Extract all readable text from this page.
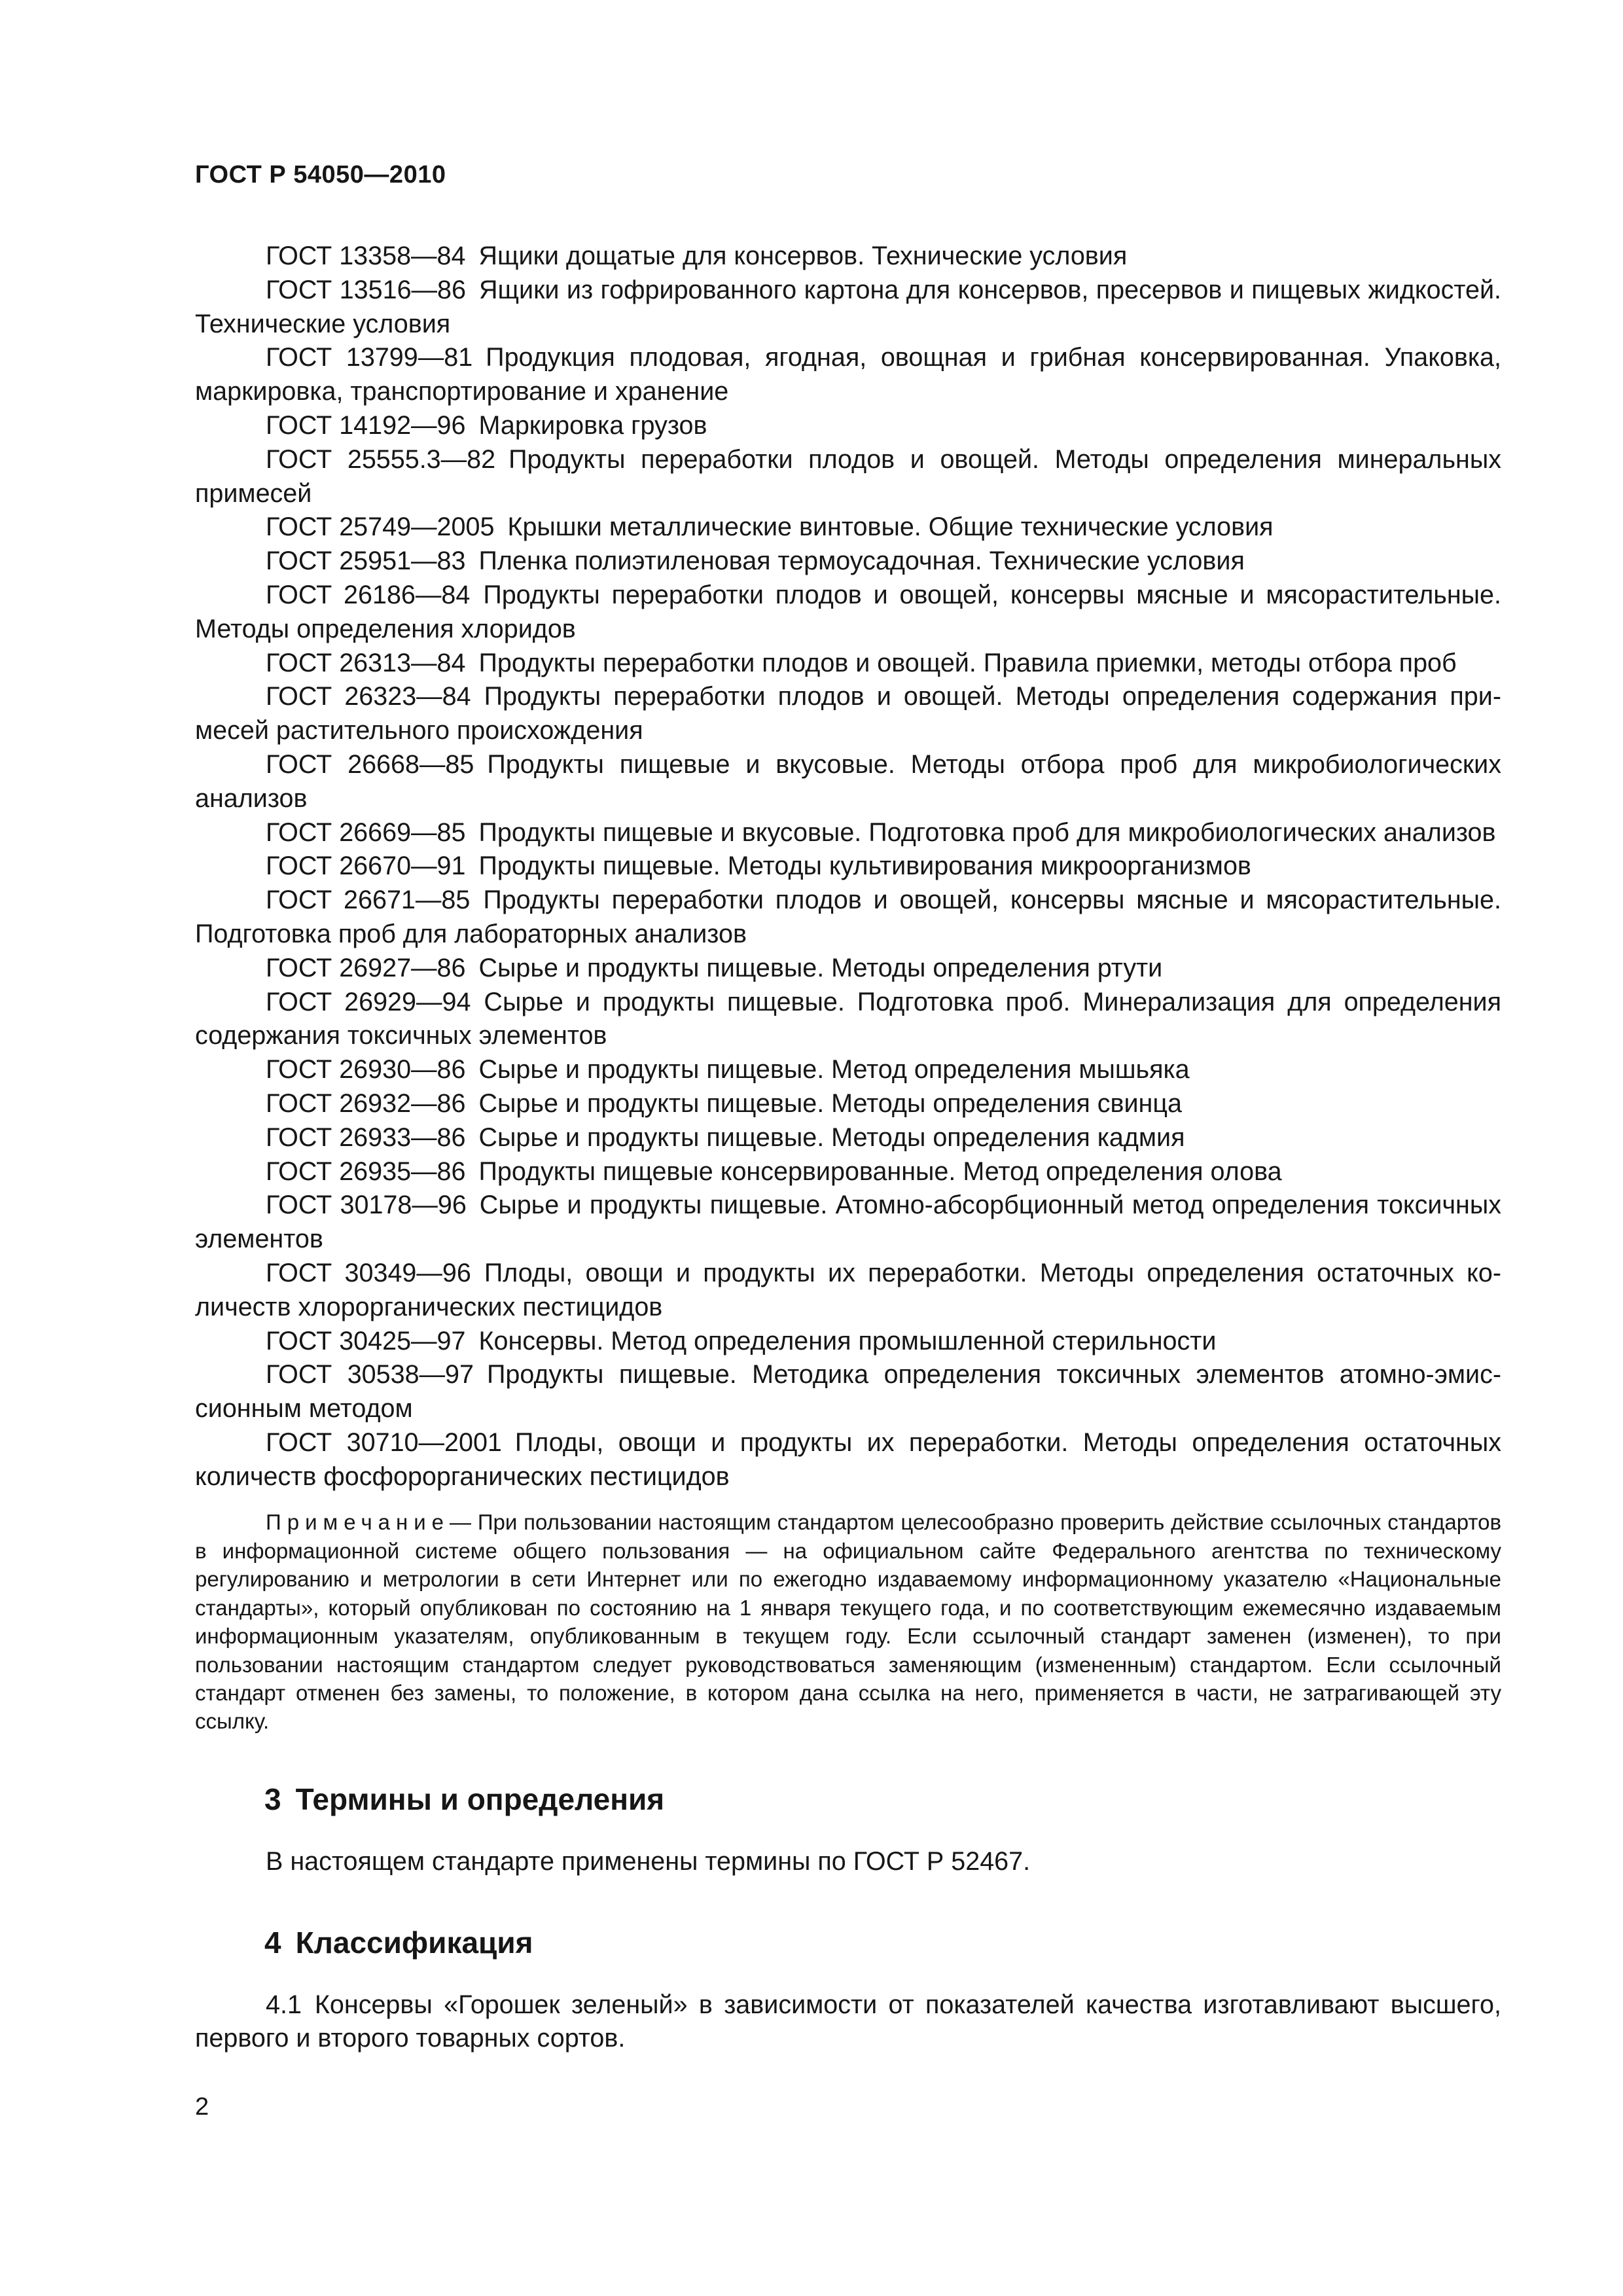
ГОСТ Р 54050—2010

ГОСТ 13358—84 Ящики дощатые для консервов. Технические условия

ГОСТ 13516—86 Ящики из гофрированного картона для консервов, пресервов и пищевых жидкостей. Технические условия

ГОСТ 13799—81 Продукция плодовая, ягодная, овощная и грибная консервированная. Упаковка, маркировка, транспортирование и хранение

ГОСТ 14192—96 Маркировка грузов

ГОСТ 25555.3—82 Продукты переработки плодов и овощей. Методы определения минеральных примесей

ГОСТ 25749—2005 Крышки металлические винтовые. Общие технические условия

ГОСТ 25951—83 Пленка полиэтиленовая термоусадочная. Технические условия

ГОСТ 26186—84 Продукты переработки плодов и овощей, консервы мясные и мясорастительные. Методы определения хлоридов

ГОСТ 26313—84 Продукты переработки плодов и овощей. Правила приемки, методы отбора проб

ГОСТ 26323—84 Продукты переработки плодов и овощей. Методы определения содержания примесей растительного происхождения

ГОСТ 26668—85 Продукты пищевые и вкусовые. Методы отбора проб для микробиологических анализов

ГОСТ 26669—85 Продукты пищевые и вкусовые. Подготовка проб для микробиологических анализов

ГОСТ 26670—91 Продукты пищевые. Методы культивирования микроорганизмов

ГОСТ 26671—85 Продукты переработки плодов и овощей, консервы мясные и мясорастительные. Подготовка проб для лабораторных анализов

ГОСТ 26927—86 Сырье и продукты пищевые. Методы определения ртути

ГОСТ 26929—94 Сырье и продукты пищевые. Подготовка проб. Минерализация для определения содержания токсичных элементов

ГОСТ 26930—86 Сырье и продукты пищевые. Метод определения мышьяка

ГОСТ 26932—86 Сырье и продукты пищевые. Методы определения свинца

ГОСТ 26933—86 Сырье и продукты пищевые. Методы определения кадмия

ГОСТ 26935—86 Продукты пищевые консервированные. Метод определения олова

ГОСТ 30178—96 Сырье и продукты пищевые. Атомно-абсорбционный метод определения токсичных элементов

ГОСТ 30349—96 Плоды, овощи и продукты их переработки. Методы определения остаточных количеств хлорорганических пестицидов

ГОСТ 30425—97 Консервы. Метод определения промышленной стерильности

ГОСТ 30538—97 Продукты пищевые. Методика определения токсичных элементов атомно-эмиссионным методом

ГОСТ 30710—2001 Плоды, овощи и продукты их переработки. Методы определения остаточных количеств фосфорорганических пестицидов

Примечание— При пользовании настоящим стандартом целесообразно проверить действие ссылочных стандартов в информационной системе общего пользования — на официальном сайте Федерального агентства по техническому регулированию и метрологии в сети Интернет или по ежегодно издаваемому информационному указателю «Национальные стандарты», который опубликован по состоянию на 1 января текущего года, и по соответствующим ежемесячно издаваемым информационным указателям, опубликованным в текущем году. Если ссылочный стандарт заменен (изменен), то при пользовании настоящим стандартом следует руководствоваться заменяющим (измененным) стандартом. Если ссылочный стандарт отменен без замены, то положение, в котором дана ссылка на него, применяется в части, не затрагивающей эту ссылку.

3 Термины и определения

В настоящем стандарте применены термины по ГОСТ Р 52467.

4 Классификация

4.1 Консервы «Горошек зеленый» в зависимости от показателей качества изготавливают высшего, первого и второго товарных сортов.

2
